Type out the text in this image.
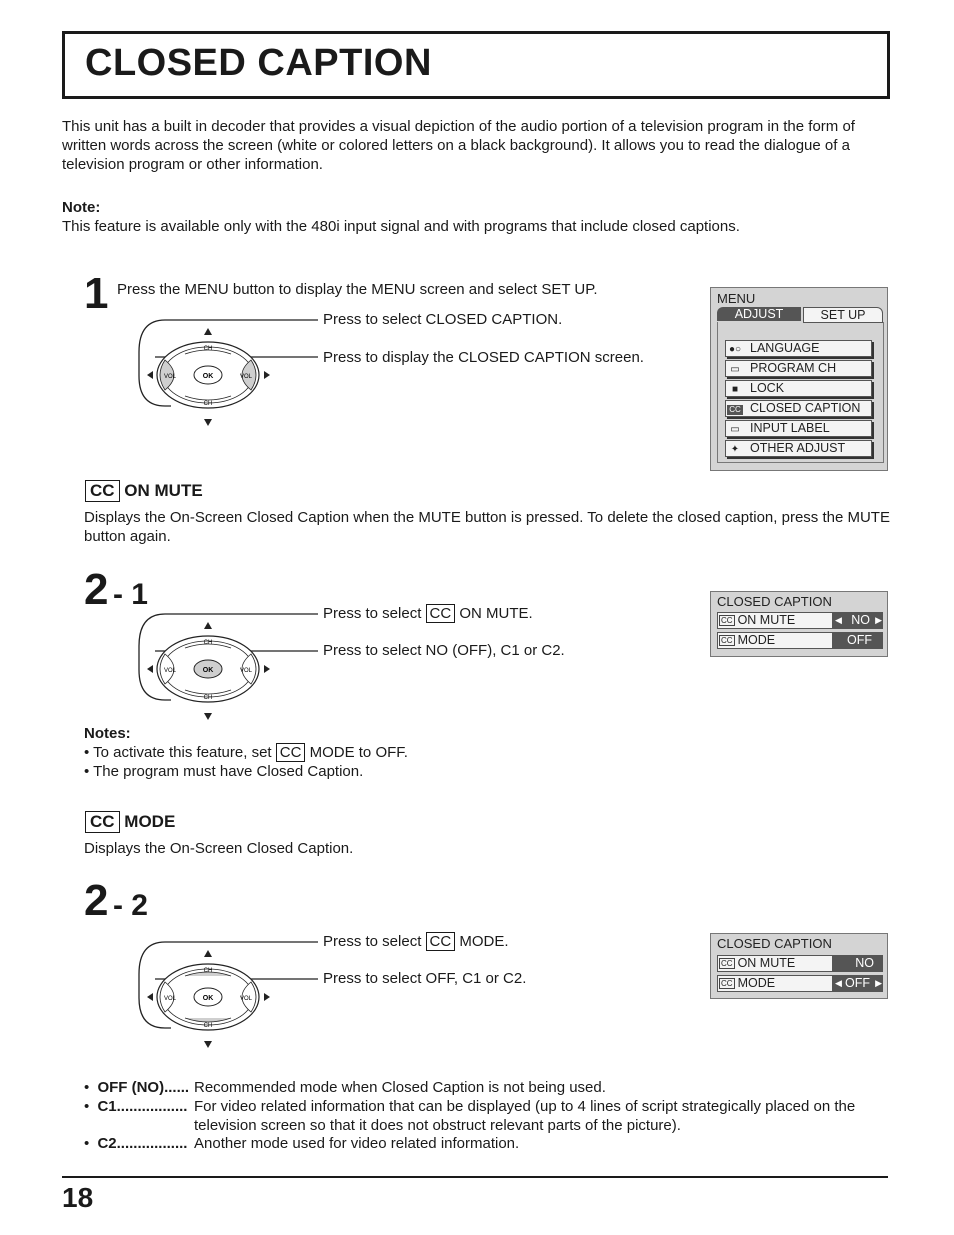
CLOSED CAPTION
This unit has a built in decoder that provides a visual depiction of the audio portion of a television program in the form of written words across the screen (white or colored letters on a black background). It allows you to read the dialogue of a television program or other information.
Note:
This feature is available only with the 480i input signal and with programs that include closed captions.
1 Press the MENU button to display the MENU screen and select SET UP.
OK
CH
CH
VOL	VOL
Press to select CLOSED CAPTION.
Press to display the CLOSED CAPTION screen.
MENU
ADJUST	SET UP
●○ LANGUAGE
▭ PROGRAM CH
■ LOCK
CC CLOSED CAPTION
▭ INPUT LABEL
✦ OTHER ADJUST
CC ON MUTE
Displays the On-Screen Closed Caption when the MUTE button is pressed. To delete the closed caption, press the MUTE button again.
2 - 1
OK
CH
CH
VOL	VOL
Press to select CC ON MUTE.
Press to select NO (OFF), C1 or C2.
CLOSED CAPTION
CC ON MUTE	◀ NO ▶
CC MODE	OFF
Notes:
• To activate this feature, set CC MODE to OFF.
• The program must have Closed Caption.
CC MODE
Displays the On-Screen Closed Caption.
2 - 2
OK
CH
CH
VOL	VOL
Press to select CC MODE.
Press to select OFF, C1 or C2.
CLOSED CAPTION
CC ON MUTE	NO
CC MODE	◀ OFF ▶
• OFF (NO)...... Recommended mode when Closed Caption is not being used.
• C1................. For video related information that can be displayed (up to 4 lines of script strategically placed on the
television screen so that it does not obstruct relevant parts of the picture).
• C2................. Another mode used for video related information.
18
